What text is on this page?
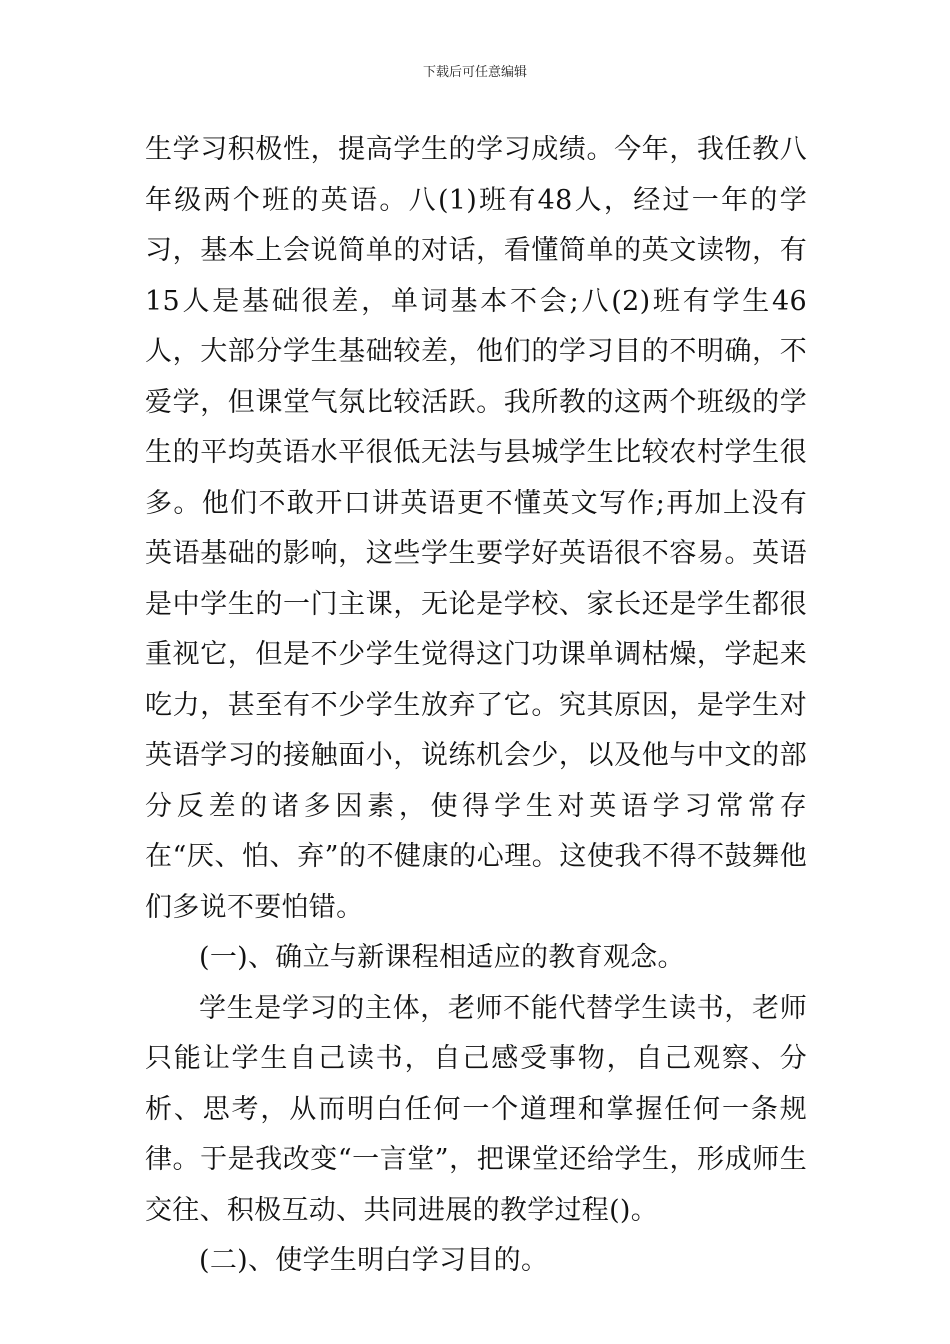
下载后可任意编辑

生学习积极性，提高学生的学习成绩。今年，我任教八年级两个班的英语。八(1)班有48人，经过一年的学习，基本上会说简单的对话，看懂简单的英文读物，有15人是基础很差，单词基本不会;八(2)班有学生46人，大部分学生基础较差，他们的学习目的不明确，不爱学，但课堂气氛比较活跃。我所教的这两个班级的学生的平均英语水平很低无法与县城学生比较农村学生很多。他们不敢开口讲英语更不懂英文写作;再加上没有英语基础的影响，这些学生要学好英语很不容易。英语是中学生的一门主课，无论是学校、家长还是学生都很重视它，但是不少学生觉得这门功课单调枯燥，学起来吃力，甚至有不少学生放弃了它。究其原因，是学生对英语学习的接触面小，说练机会少，以及他与中文的部分反差的诸多因素，使得学生对英语学习常常存在“厌、怕、弃”的不健康的心理。这使我不得不鼓舞他们多说不要怕错。

(一)、确立与新课程相适应的教育观念。

学生是学习的主体，老师不能代替学生读书，老师只能让学生自己读书，自己感受事物，自己观察、分析、思考，从而明白任何一个道理和掌握任何一条规律。于是我改变“一言堂”，把课堂还给学生，形成师生交往、积极互动、共同进展的教学过程()。

(二)、使学生明白学习目的。
